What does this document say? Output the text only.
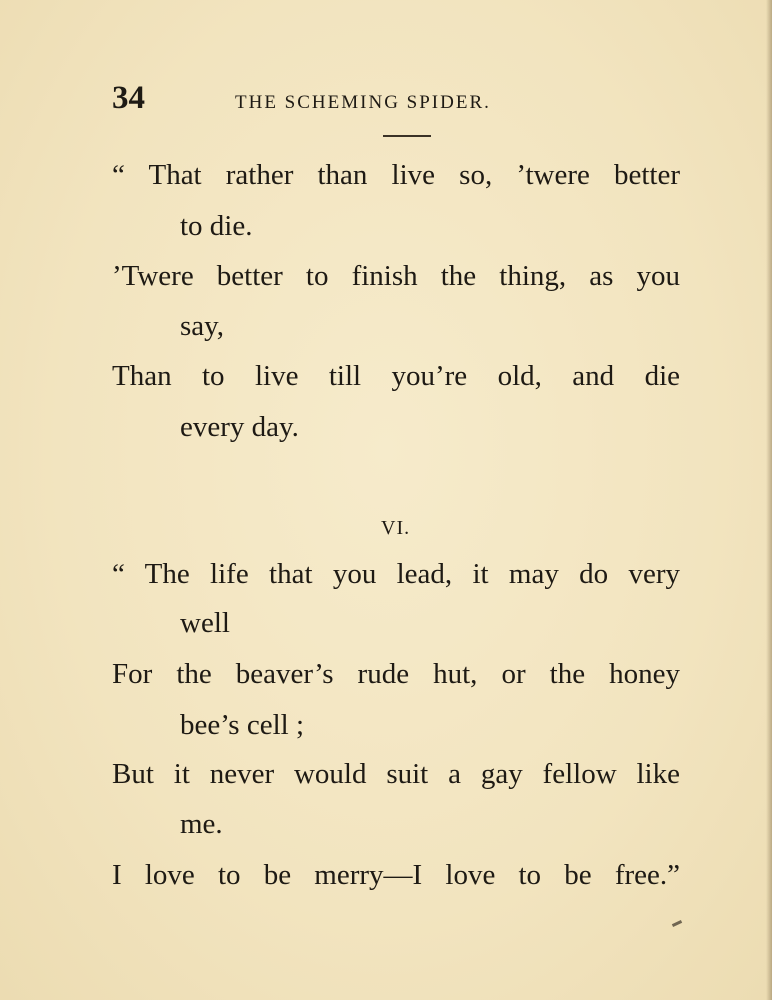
34	THE SCHEMING SPIDER.
“ That rather than live so, ’twere better
to die.
’Twere better to finish the thing, as you
say,
Than to live till you’re old, and die
every day.
VI.
“ The life that you lead, it may do very
well
For the beaver’s rude hut, or the honey
bee’s cell ;
But it never would suit a gay fellow like
me.
I love to be merry—I love to be free.”
